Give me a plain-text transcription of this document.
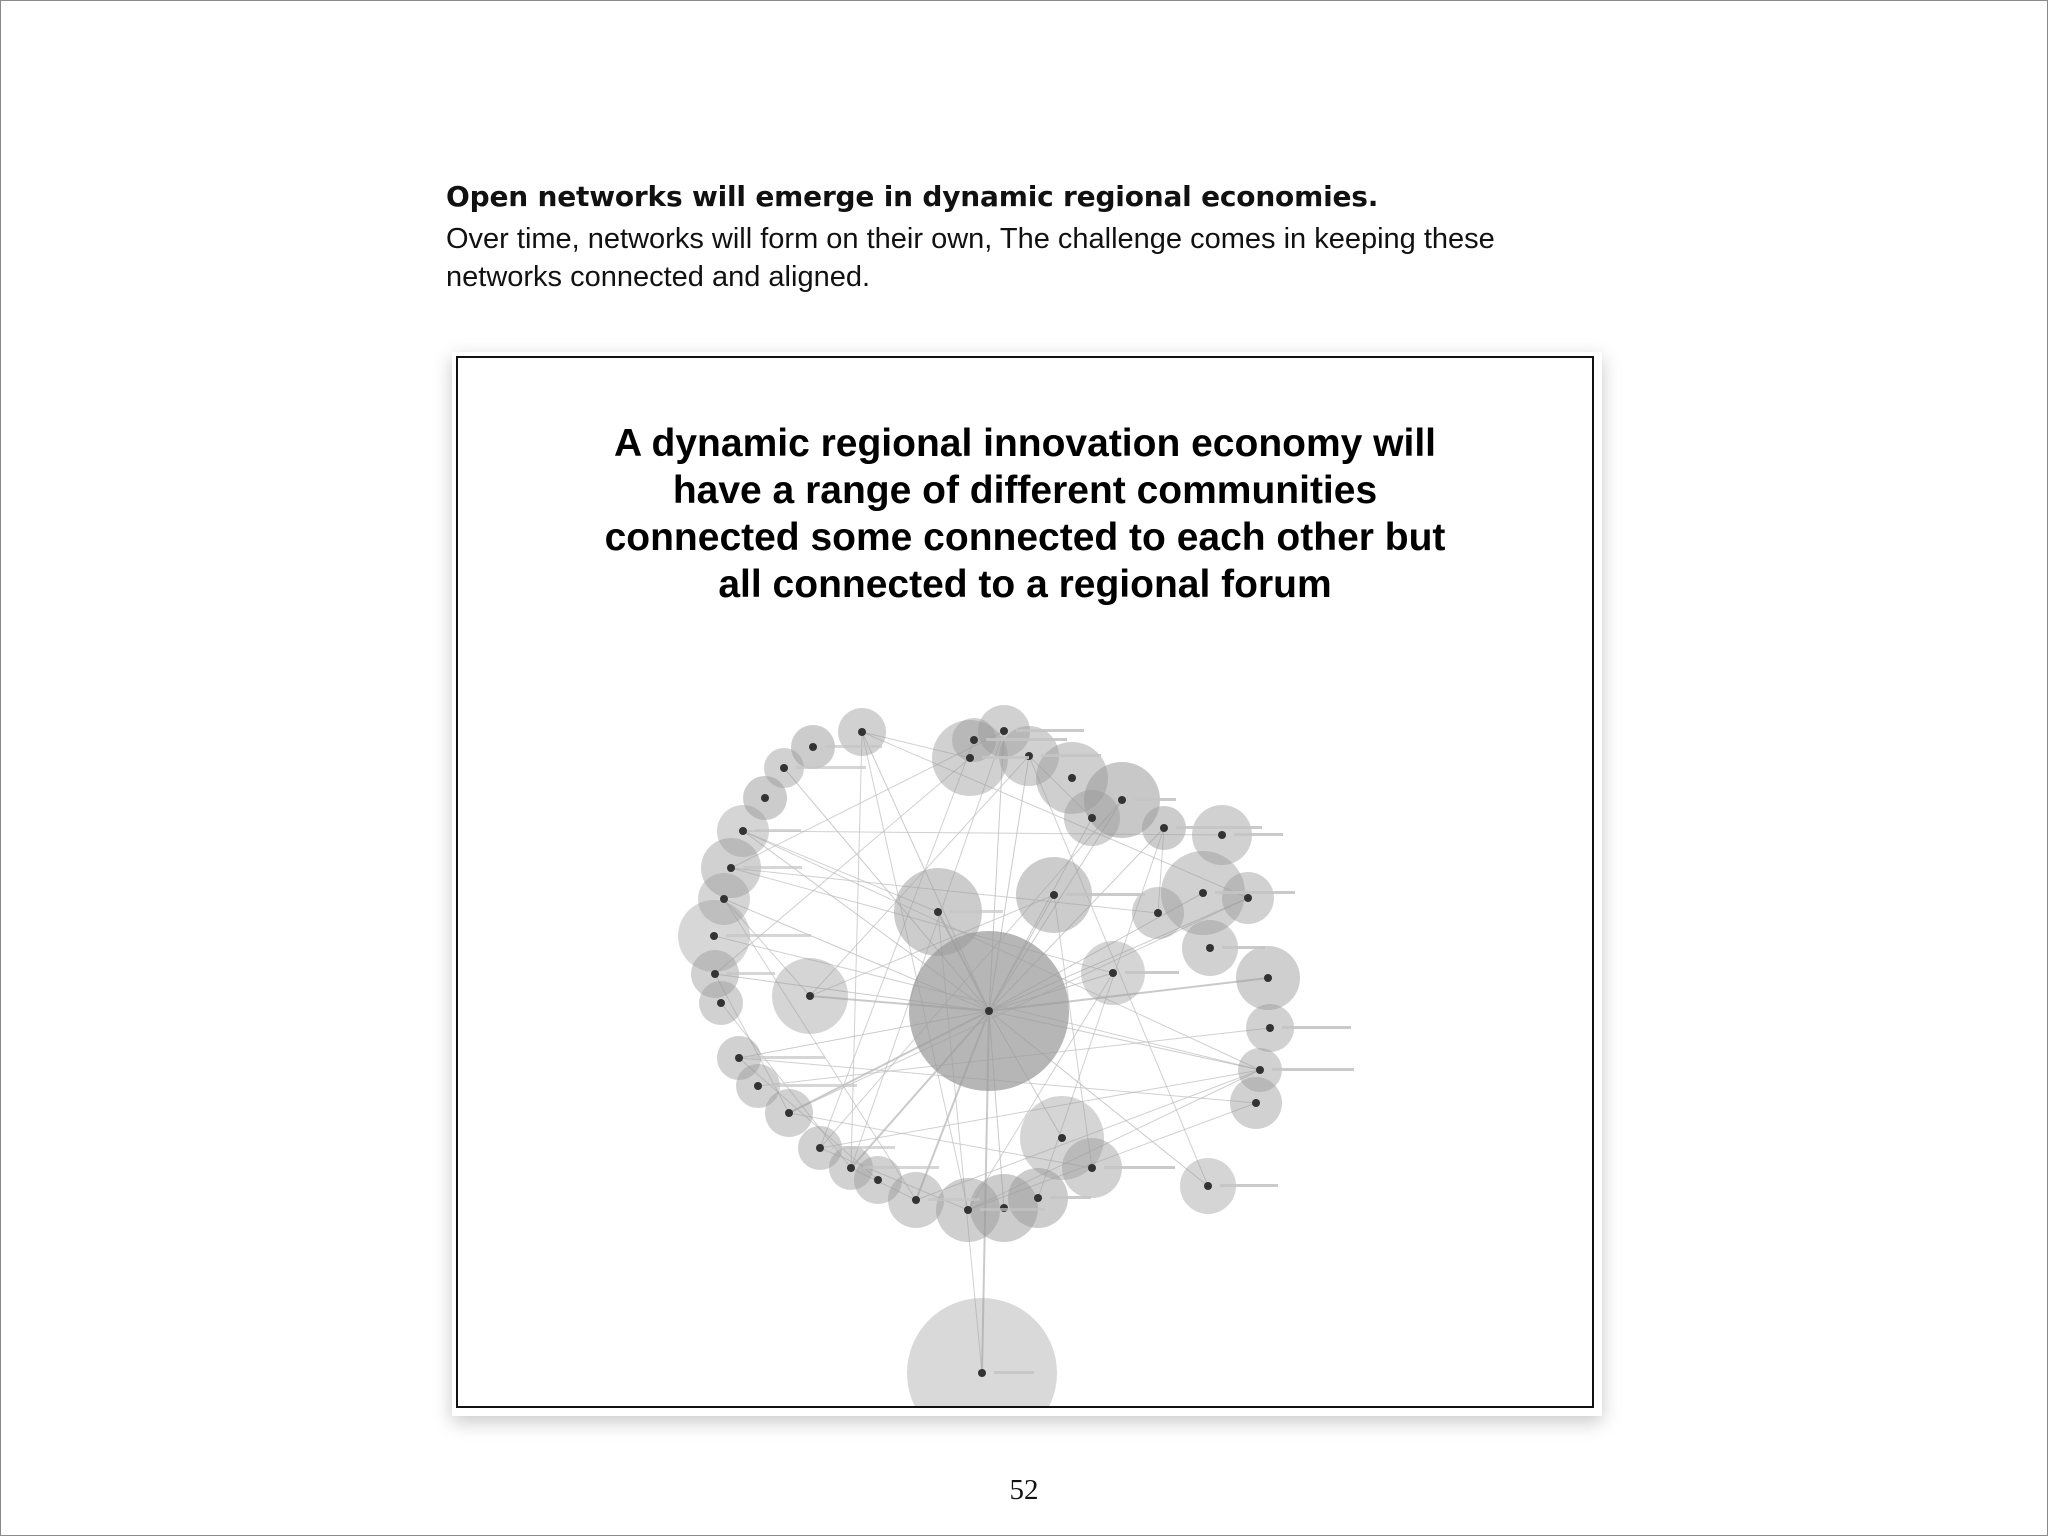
Open networks will emerge in dynamic regional economies.
Over time, networks will form on their own, The challenge comes in keeping these
networks connected and aligned.
A dynamic regional innovation economy will
have a range of different communities
connected some connected to each other but
all connected to a regional forum
52
